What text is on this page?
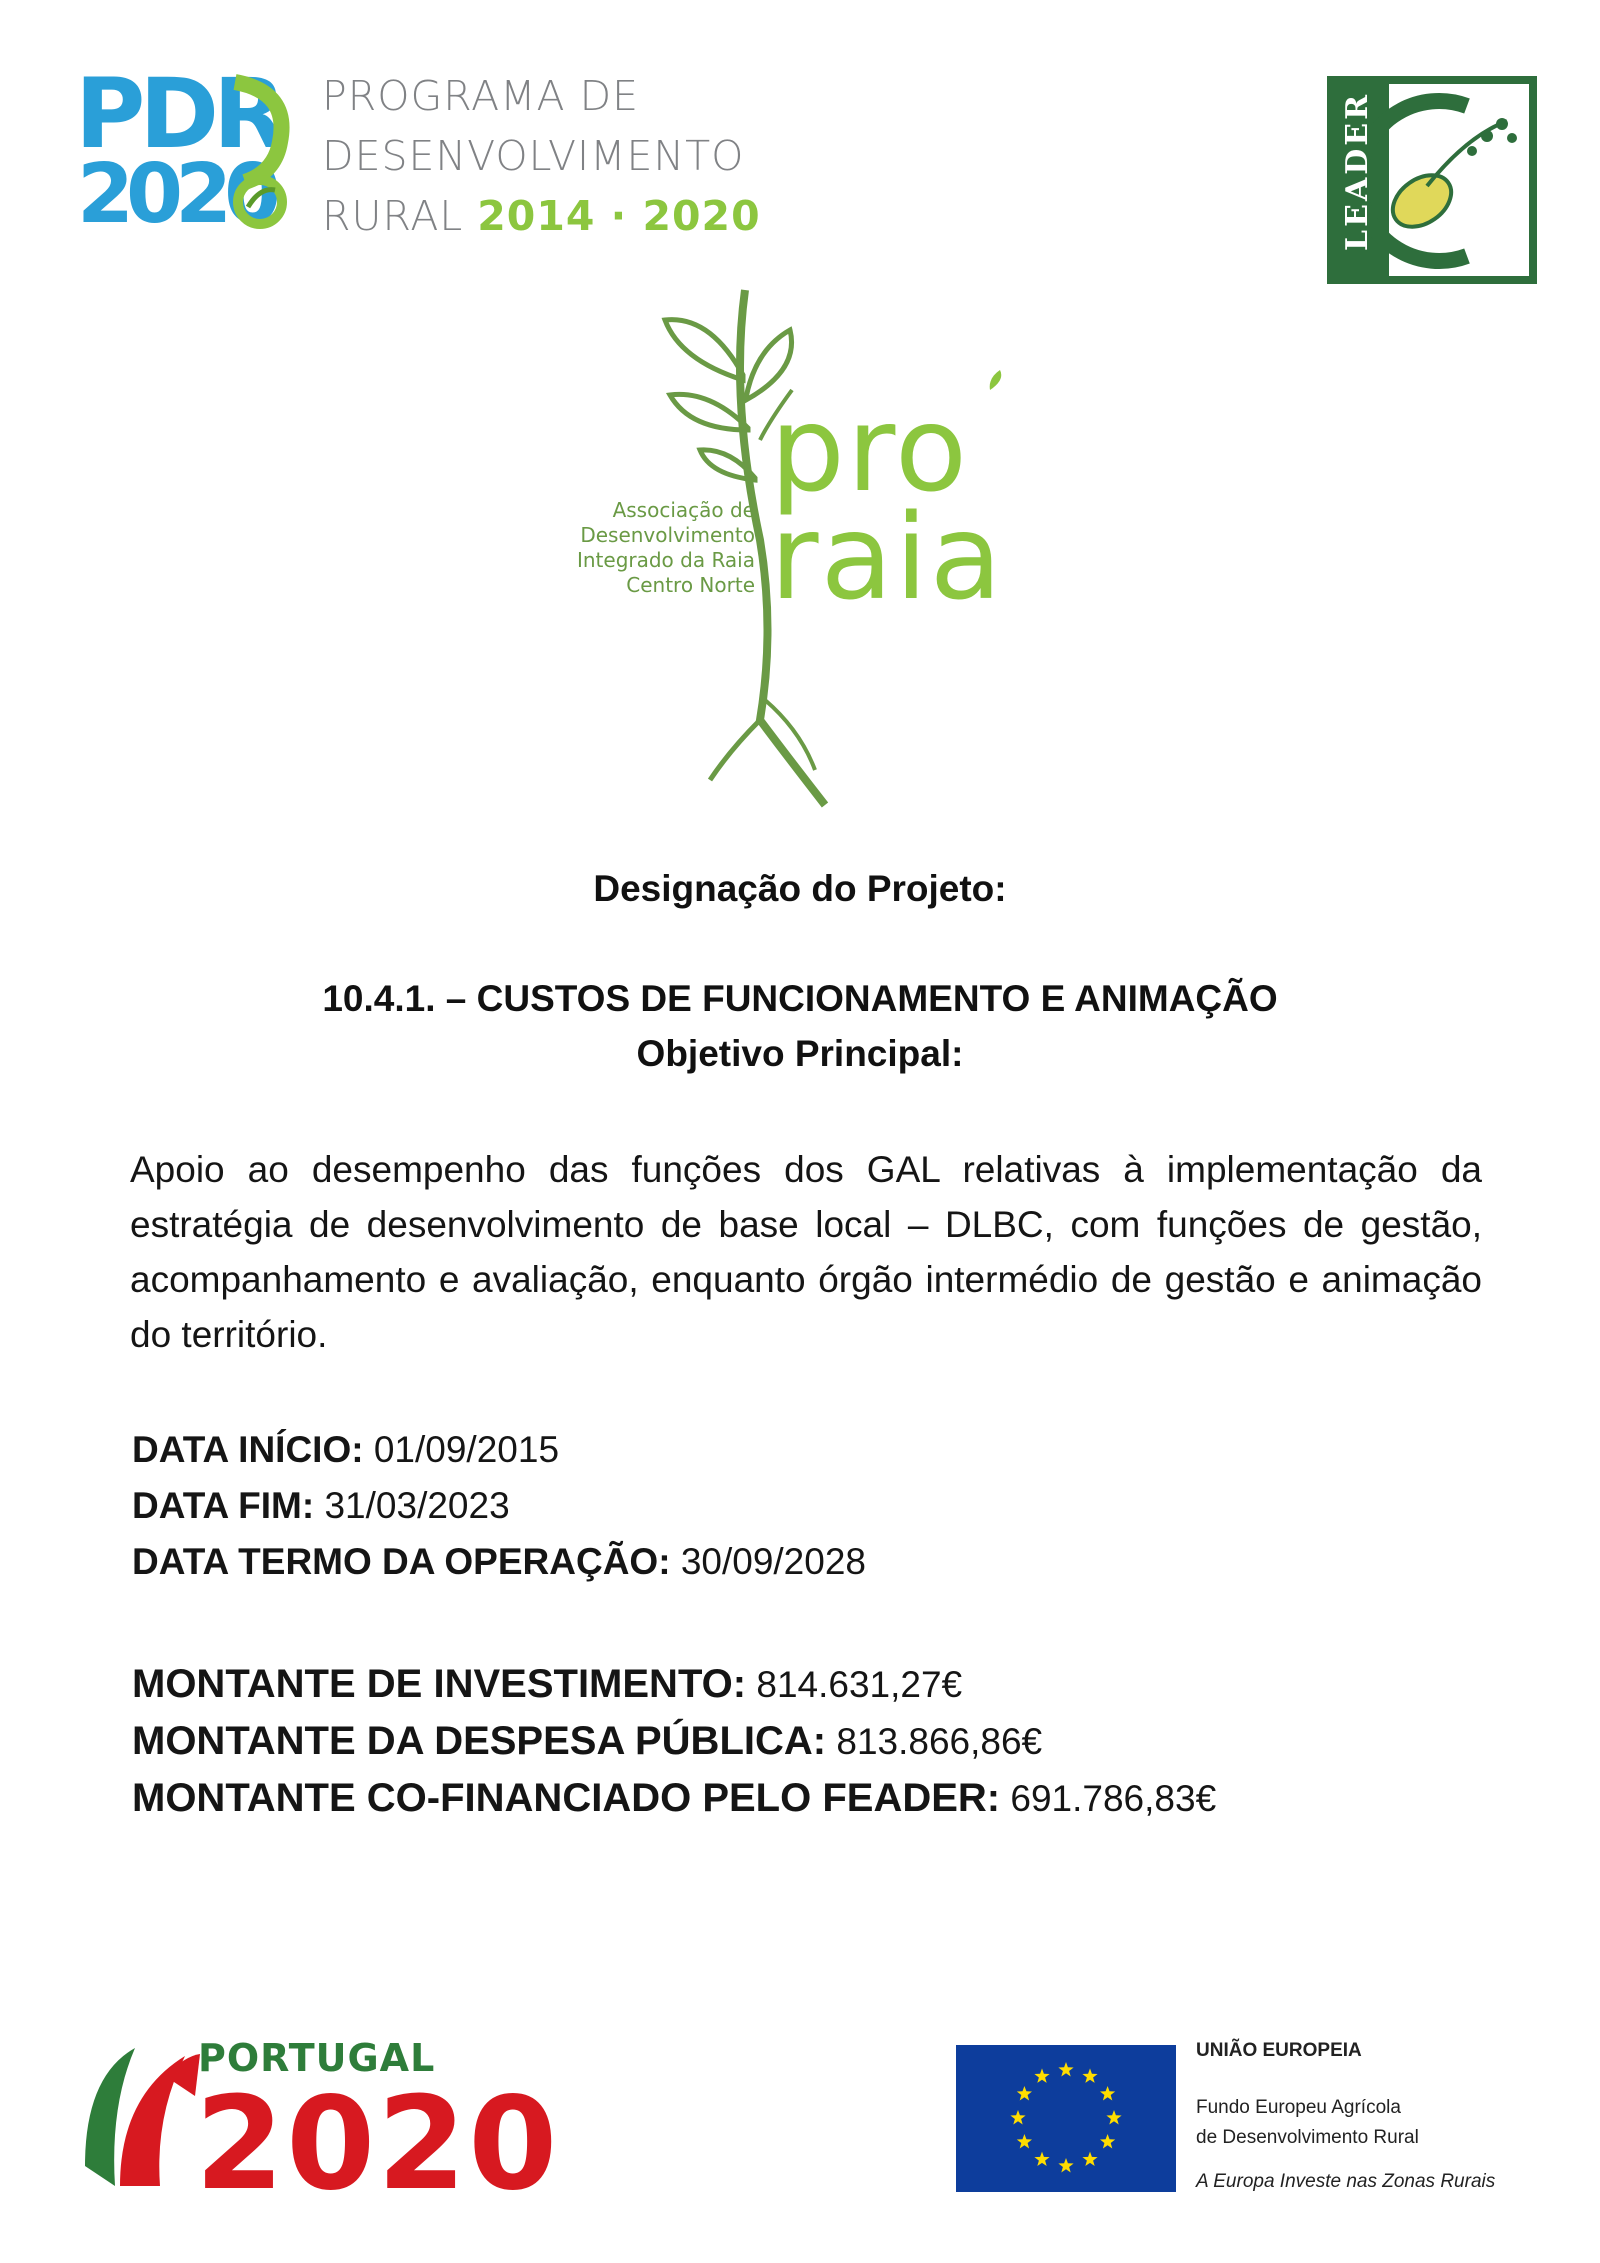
PDR
2020
PROGRAMA DE
DESENVOLVIMENTO
RURAL 2014 · 2020	LEADER
pro
raia
Associação de
Desenvolvimento
Integrado da Raia
Centro Norte
Designação do Projeto:
10.4.1. – CUSTOS DE FUNCIONAMENTO E ANIMAÇÃO
Objetivo Principal:
Apoio ao desempenho das funções dos GAL relativas à implementação da estratégia de desenvolvimento de base local – DLBC, com funções de gestão, acompanhamento e avaliação, enquanto órgão intermédio de gestão e animação do território.
DATA INÍCIO: 01/09/2015
DATA FIM: 31/03/2023
DATA TERMO DA OPERAÇÃO: 30/09/2028
MONTANTE DE INVESTIMENTO: 814.631,27€
MONTANTE DA DESPESA PÚBLICA: 813.866,86€
MONTANTE CO-FINANCIADO PELO FEADER: 691.786,83€
PORTUGAL
2020
UNIÃO EUROPEIA
Fundo Europeu Agrícola
de Desenvolvimento Rural
A Europa Investe nas Zonas Rurais
